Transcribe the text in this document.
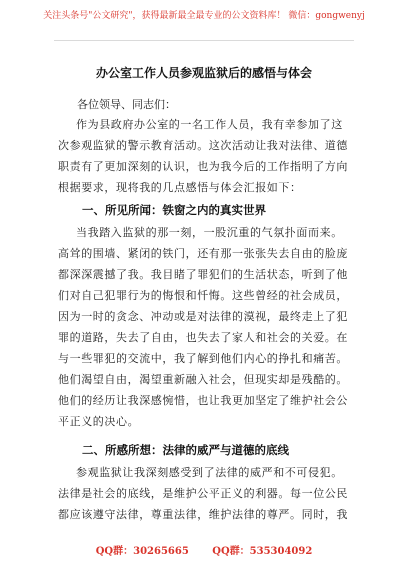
关注头条号"公文研究"，获得最新最全最专业的公文资料库！ 微信：gongwenyj
办公室工作人员参观监狱后的感悟与体会
各位领导、同志们：
作为县政府办公室的一名工作人员，我有幸参加了这
次参观监狱的警示教育活动。这次活动让我对法律、道德
职责有了更加深刻的认识，也为我今后的工作指明了方向
根据要求，现将我的几点感悟与体会汇报如下：
一、所见所闻：铁窗之内的真实世界
当我踏入监狱的那一刻，一股沉重的气氛扑面而来。
高耸的围墙、紧闭的铁门，还有那一张张失去自由的脸庞
都深深震撼了我。我目睹了罪犯们的生活状态，听到了他
们对自己犯罪行为的悔恨和忏悔。这些曾经的社会成员，
因为一时的贪念、冲动或是对法律的漠视，最终走上了犯
罪的道路，失去了自由，也失去了家人和社会的关爱。在
与一些罪犯的交流中，我了解到他们内心的挣扎和痛苦。
他们渴望自由，渴望重新融入社会，但现实却是残酷的。
他们的经历让我深感惋惜，也让我更加坚定了维护社会公
平正义的决心。
二、所感所想：法律的威严与道德的底线
参观监狱让我深刻感受到了法律的威严和不可侵犯。
法律是社会的底线，是维护公平正义的利器。每一位公民
都应该遵守法律，尊重法律，维护法律的尊严。同时，我
QQ群：30265665 QQ群：535304092
